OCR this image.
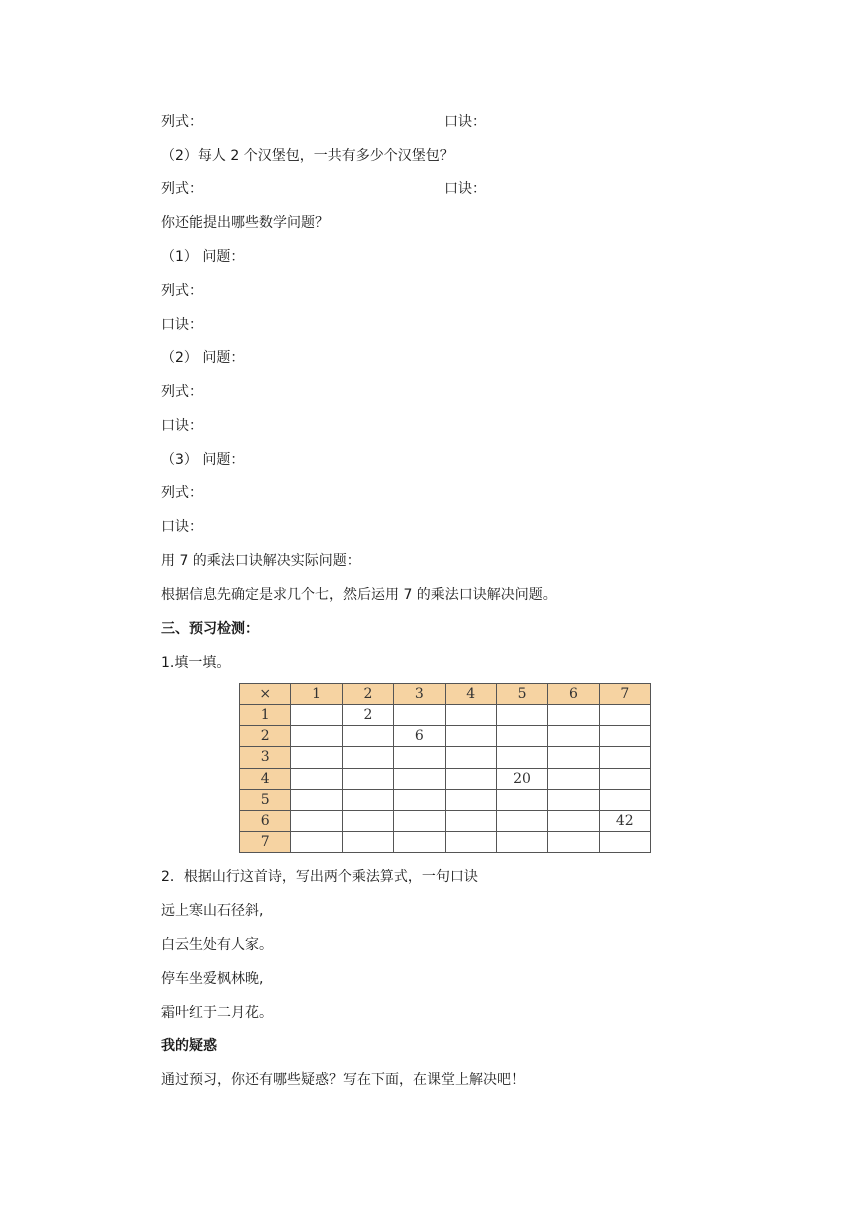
列式：	口诀：
（2）每人 2 个汉堡包，一共有多少个汉堡包？
列式：	口诀：
你还能提出哪些数学问题？
（1） 问题：
列式：
口诀：
（2） 问题：
列式：
口诀：
（3） 问题：
列式：
口诀：
用 7 的乘法口诀解决实际问题：
根据信息先确定是求几个七，然后运用 7 的乘法口诀解决问题。
三、预习检测：
1.填一填。
×	1	2	3	4	5	6	7
1		2					
2			6				
3							
4					20		
5							
6							42
7							
2．根据山行这首诗，写出两个乘法算式，一句口诀
远上寒山石径斜,
白云生处有人家。
停车坐爱枫林晚,
霜叶红于二月花。
我的疑惑
通过预习，你还有哪些疑惑？写在下面，在课堂上解决吧！
